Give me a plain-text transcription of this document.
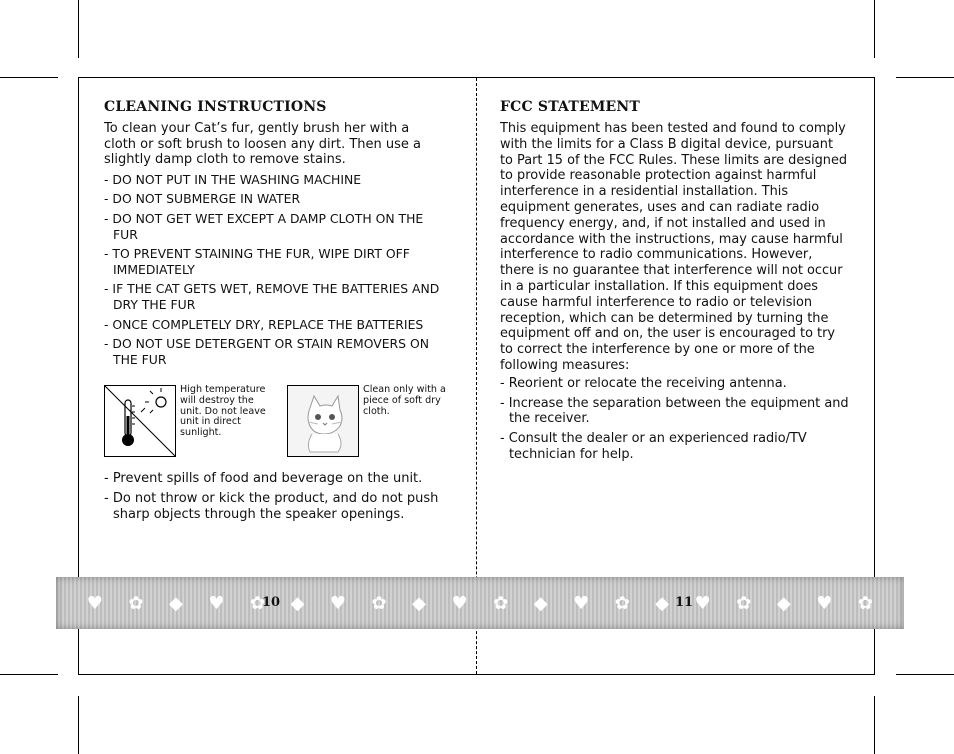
CLEANING INSTRUCTIONS

To clean your Cat’s fur, gently brush her with a cloth or soft brush to loosen any dirt. Then use a slightly damp cloth to remove stains.

- DO NOT PUT IN THE WASHING MACHINE
- DO NOT SUBMERGE IN WATER
- DO NOT GET WET EXCEPT A DAMP CLOTH ON THE FUR
- TO PREVENT STAINING THE FUR, WIPE DIRT OFF IMMEDIATELY
- IF THE CAT GETS WET, REMOVE THE BATTERIES AND DRY THE FUR
- ONCE COMPLETELY DRY, REPLACE THE BATTERIES
- DO NOT USE DETERGENT OR STAIN REMOVERS ON THE FUR
High temperature will destroy the unit. Do not leave unit in direct sunlight.
Clean only with a piece of soft dry cloth.
- Prevent spills of food and beverage on the unit.
- Do not throw or kick the product, and do not push sharp objects through the speaker openings.
FCC STATEMENT

This equipment has been tested and found to comply with the limits for a Class B digital device, pursuant to Part 15 of the FCC Rules. These limits are designed to provide reasonable protection against harmful interference in a residential installation. This equipment generates, uses and can radiate radio frequency energy, and, if not installed and used in accordance with the instructions, may cause harmful interference to radio communications. However, there is no guarantee that interference will not occur in a particular installation. If this equipment does cause harmful interference to radio or television reception, which can be determined by turning the equipment off and on, the user is encouraged to try to correct the interference by one or more of the following measures:

- Reorient or relocate the receiving antenna.
- Increase the separation between the equipment and the receiver.
- Consult the dealer or an experienced radio/TV technician for help.
♥ ✿ ◆ ♥ ✿ ◆ ♥ ✿ ◆ ♥ ✿ ◆ ♥ ✿ ◆ ♥ ✿ ◆ ♥ ✿
10	11
